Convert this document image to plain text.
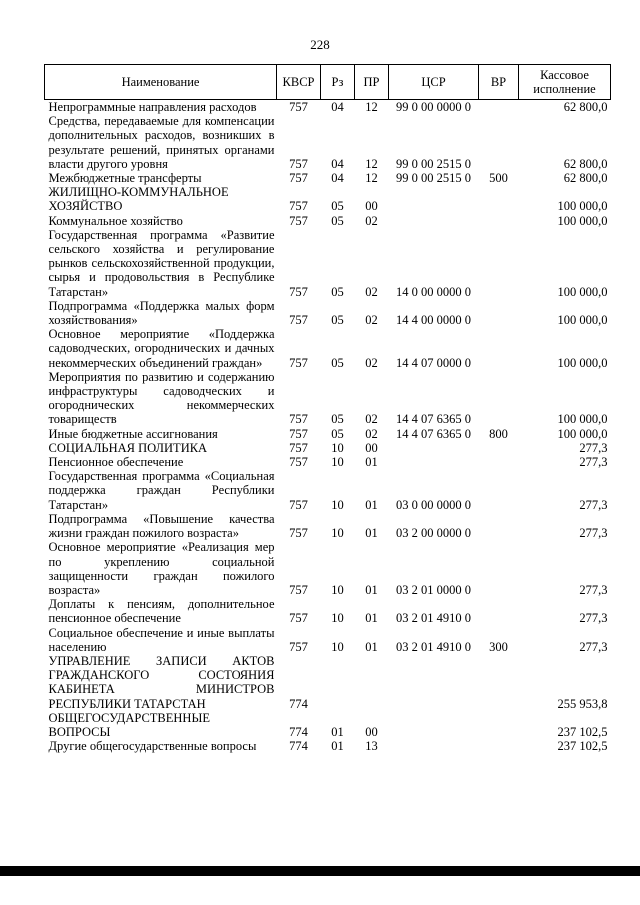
228
Наименование	КВСР	Рз	ПР	ЦСР	ВР	Кассовое исполнение
Непрограммные направления расходов	757	04	12	99 0 00 0000 0		62 800,0
Средства, передаваемые для компенсации дополнительных расходов, возникших в результате решений, принятых органами власти другого уровня	757	04	12	99 0 00 2515 0		62 800,0
Межбюджетные трансферты	757	04	12	99 0 00 2515 0	500	62 800,0
ЖИЛИЩНО-КОММУНАЛЬНОЕ ХОЗЯЙСТВО	757	05	00			100 000,0
Коммунальное хозяйство	757	05	02			100 000,0
Государственная программа «Развитие сельского хозяйства и регулирование рынков сельскохозяйственной продукции, сырья и продовольствия в Республике Татарстан»	757	05	02	14 0 00 0000 0		100 000,0
Подпрограмма «Поддержка малых форм хозяйствования»	757	05	02	14 4 00 0000 0		100 000,0
Основное мероприятие «Поддержка садоводческих, огороднических и дачных некоммерческих объединений граждан»	757	05	02	14 4 07 0000 0		100 000,0
Мероприятия по развитию и содержанию инфраструктуры садоводческих и огороднических некоммерческих товариществ	757	05	02	14 4 07 6365 0		100 000,0
Иные бюджетные ассигнования	757	05	02	14 4 07 6365 0	800	100 000,0
СОЦИАЛЬНАЯ ПОЛИТИКА	757	10	00			277,3
Пенсионное обеспечение	757	10	01			277,3
Государственная программа «Социальная поддержка граждан Республики Татарстан»	757	10	01	03 0 00 0000 0		277,3
Подпрограмма «Повышение качества жизни граждан пожилого возраста»	757	10	01	03 2 00 0000 0		277,3
Основное мероприятие «Реализация мер по укреплению социальной защищенности граждан пожилого возраста»	757	10	01	03 2 01 0000 0		277,3
Доплаты к пенсиям, дополнительное пенсионное обеспечение	757	10	01	03 2 01 4910 0		277,3
Социальное обеспечение и иные выплаты населению	757	10	01	03 2 01 4910 0	300	277,3
УПРАВЛЕНИЕ ЗАПИСИ АКТОВ ГРАЖДАНСКОГО СОСТОЯНИЯ КАБИНЕТА МИНИСТРОВ РЕСПУБЛИКИ ТАТАРСТАН	774					255 953,8
ОБЩЕГОСУДАРСТВЕННЫЕ ВОПРОСЫ	774	01	00			237 102,5
Другие общегосударственные вопросы	774	01	13			237 102,5
